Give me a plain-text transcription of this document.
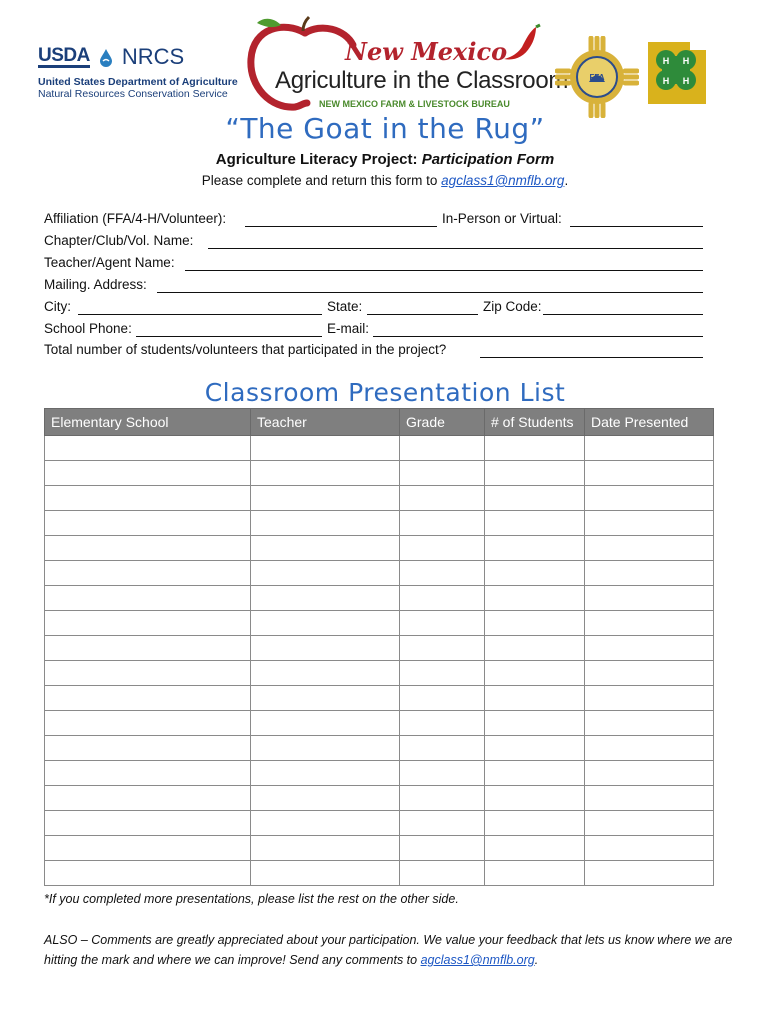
USDA NRCS
United States Department of Agriculture
Natural Resources Conservation Service
New Mexico
Agriculture in the Classroom
NEW MEXICO FARM & LIVESTOCK BUREAU
FFA
H H
H H
“The Goat in the Rug”
Agriculture Literacy Project: Participation Form
Please complete and return this form to agclass1@nmflb.org.
Affiliation (FFA/4-H/Volunteer):	In-Person or Virtual:
Chapter/Club/Vol. Name:
Teacher/Agent Name:
Mailing. Address:
City:	State:	Zip Code:
School Phone:	E-mail:
Total number of students/volunteers that participated in the project?
Classroom Presentation List
Elementary School	Teacher	Grade	# of Students	Date Presented

*If you completed more presentations, please list the rest on the other side.
ALSO – Comments are greatly appreciated about your participation. We value your feedback that lets us know where we are hitting the mark and where we can improve! Send any comments to agclass1@nmflb.org.
